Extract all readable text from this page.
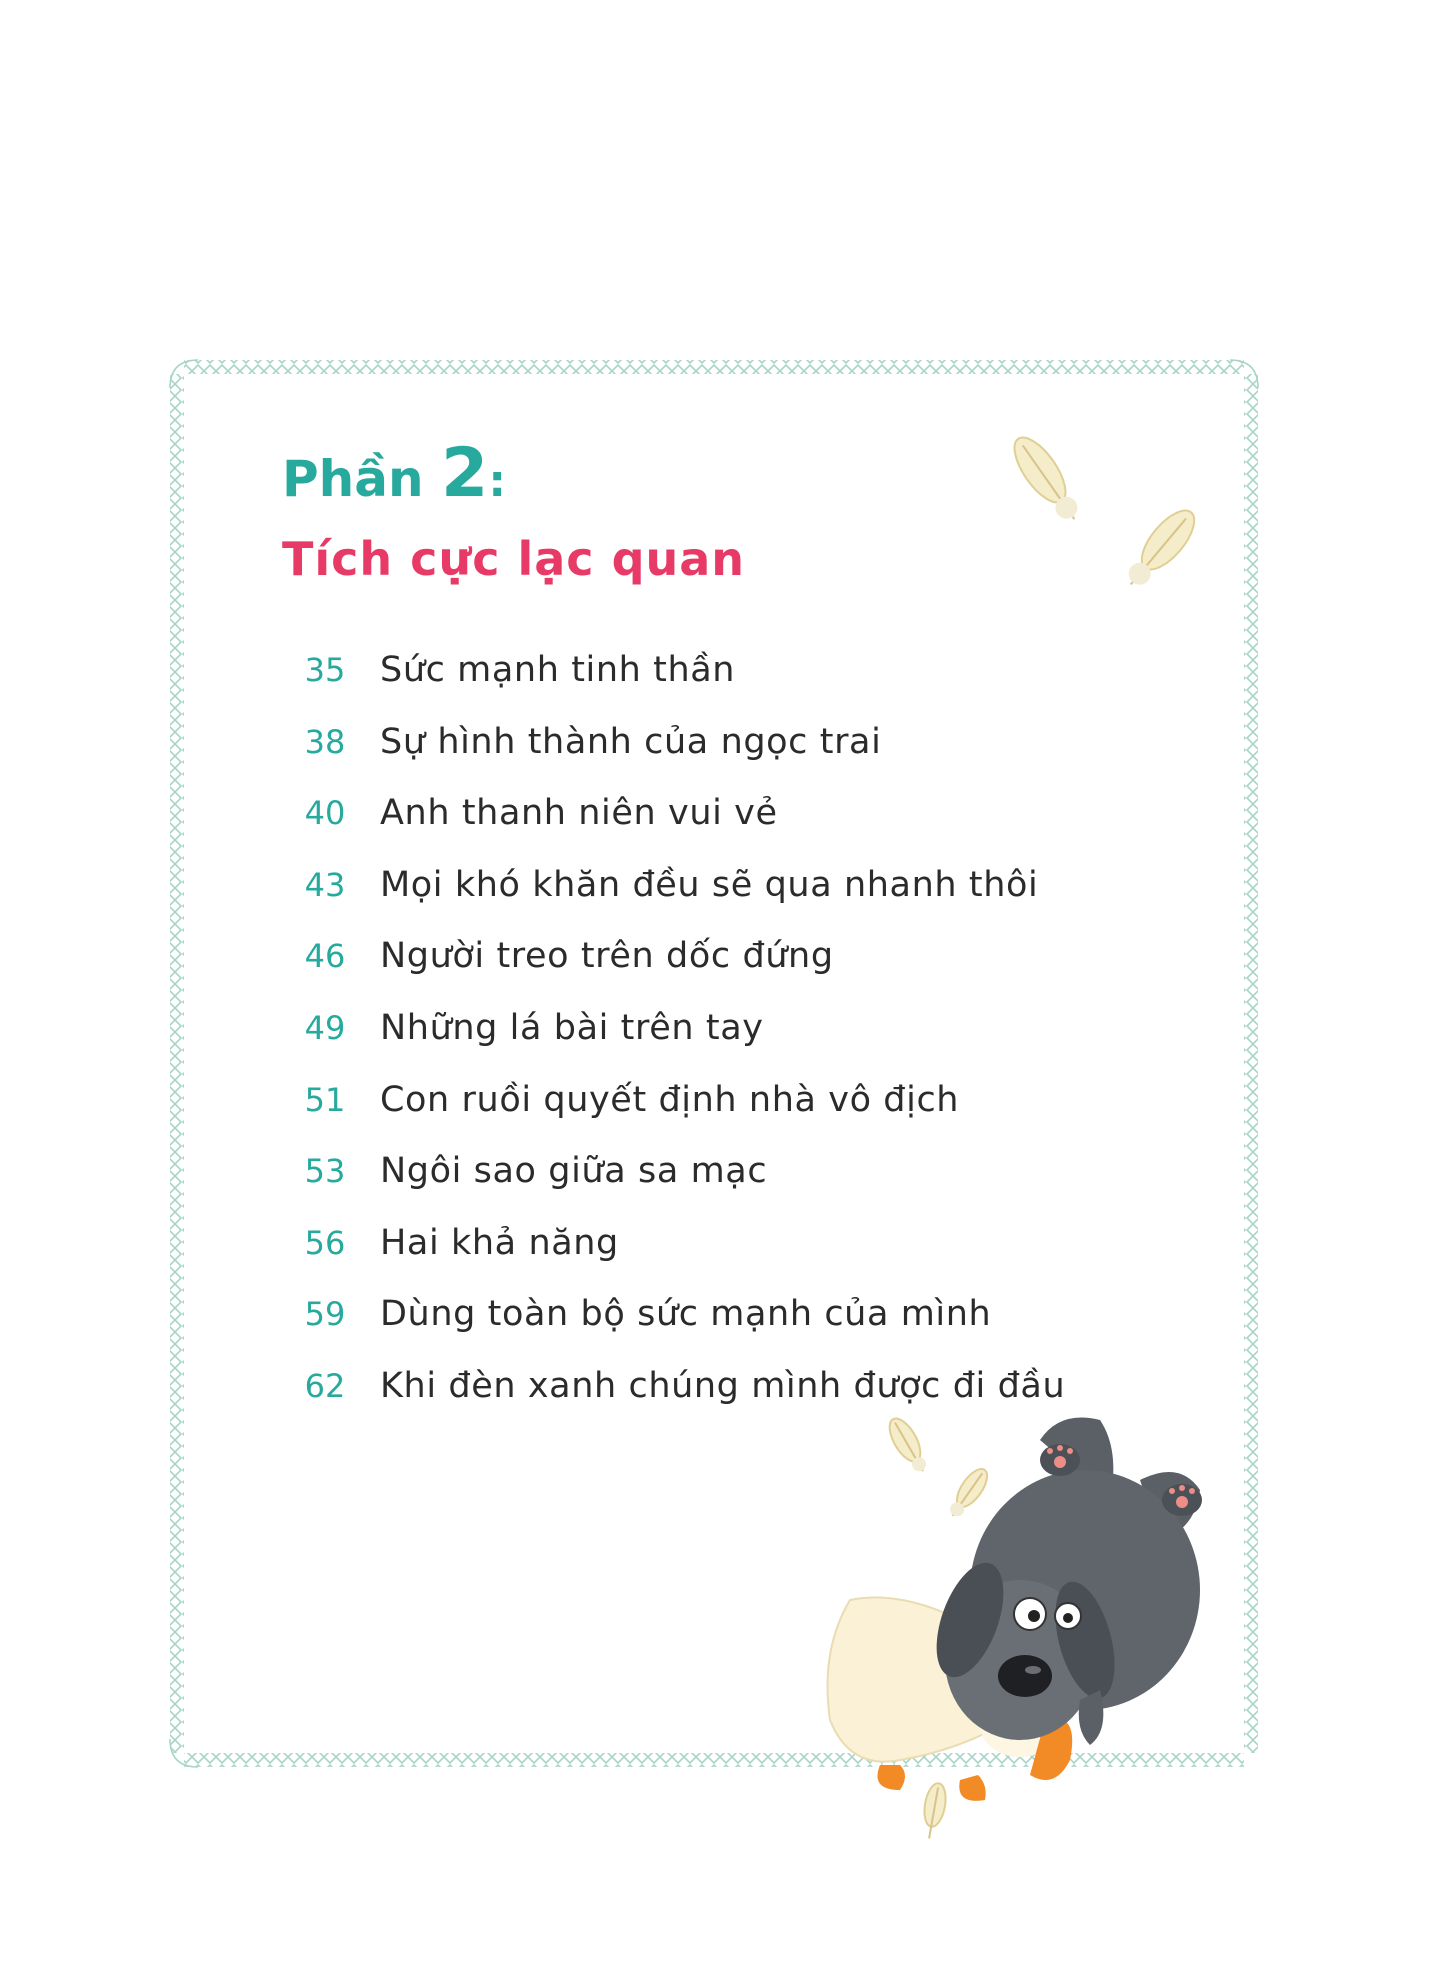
Phần 2:
Tích cực lạc quan
35 Sức mạnh tinh thần
38 Sự hình thành của ngọc trai
40 Anh thanh niên vui vẻ
43 Mọi khó khăn đều sẽ qua nhanh thôi
46 Người treo trên dốc đứng
49 Những lá bài trên tay
51 Con ruồi quyết định nhà vô địch
53 Ngôi sao giữa sa mạc
56 Hai khả năng
59 Dùng toàn bộ sức mạnh của mình
62 Khi đèn xanh chúng mình được đi đầu
